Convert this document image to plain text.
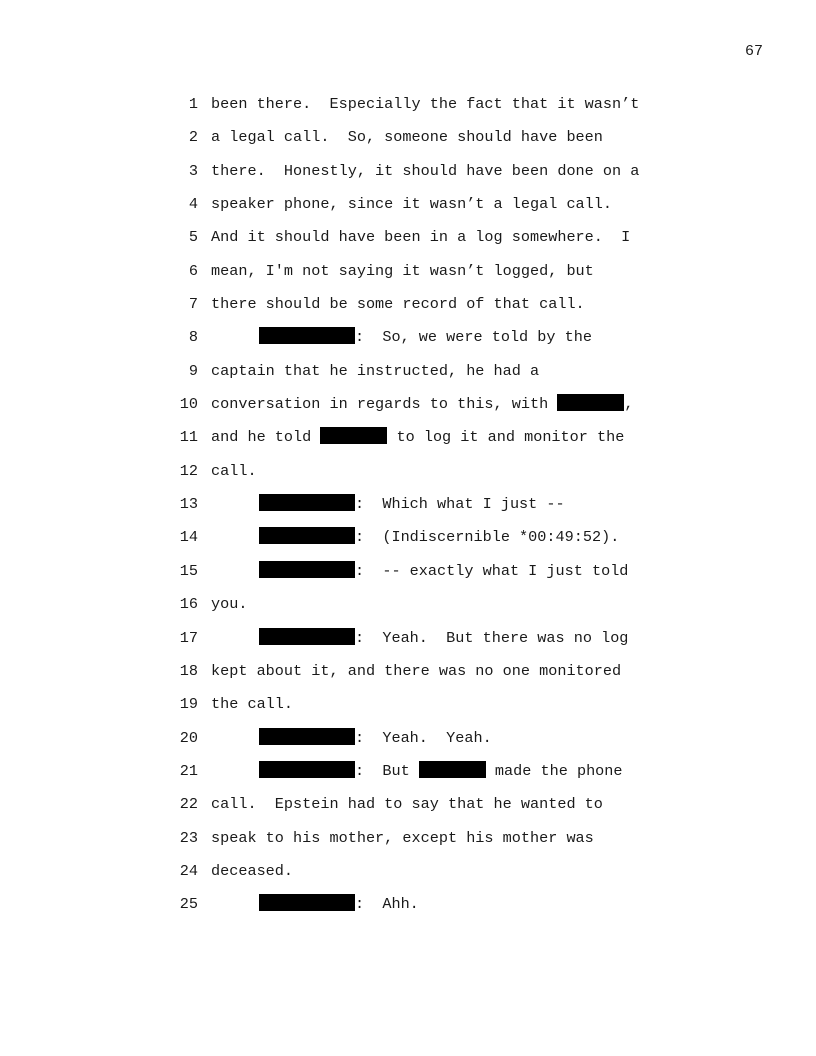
67
1 been there.  Especially the fact that it wasn’t
2 a legal call.  So, someone should have been
3 there.  Honestly, it should have been done on a
4 speaker phone, since it wasn’t a legal call.
5 And it should have been in a log somewhere.  I
6 mean, I'm not saying it wasn’t logged, but
7 there should be some record of that call.
8	:  So, we were told by the
9 captain that he instructed, he had a
10 conversation in regards to this, with	,
11 and he told	to log it and monitor the
12 call.
13	:  Which what I just --
14	:  (Indiscernible *00:49:52).
15	:  -- exactly what I just told
16 you.
17	:  Yeah.  But there was no log
18 kept about it, and there was no one monitored
19 the call.
20	:  Yeah.  Yeah.
21	:  But	made the phone
22 call.  Epstein had to say that he wanted to
23 speak to his mother, except his mother was
24 deceased.
25	:  Ahh.
